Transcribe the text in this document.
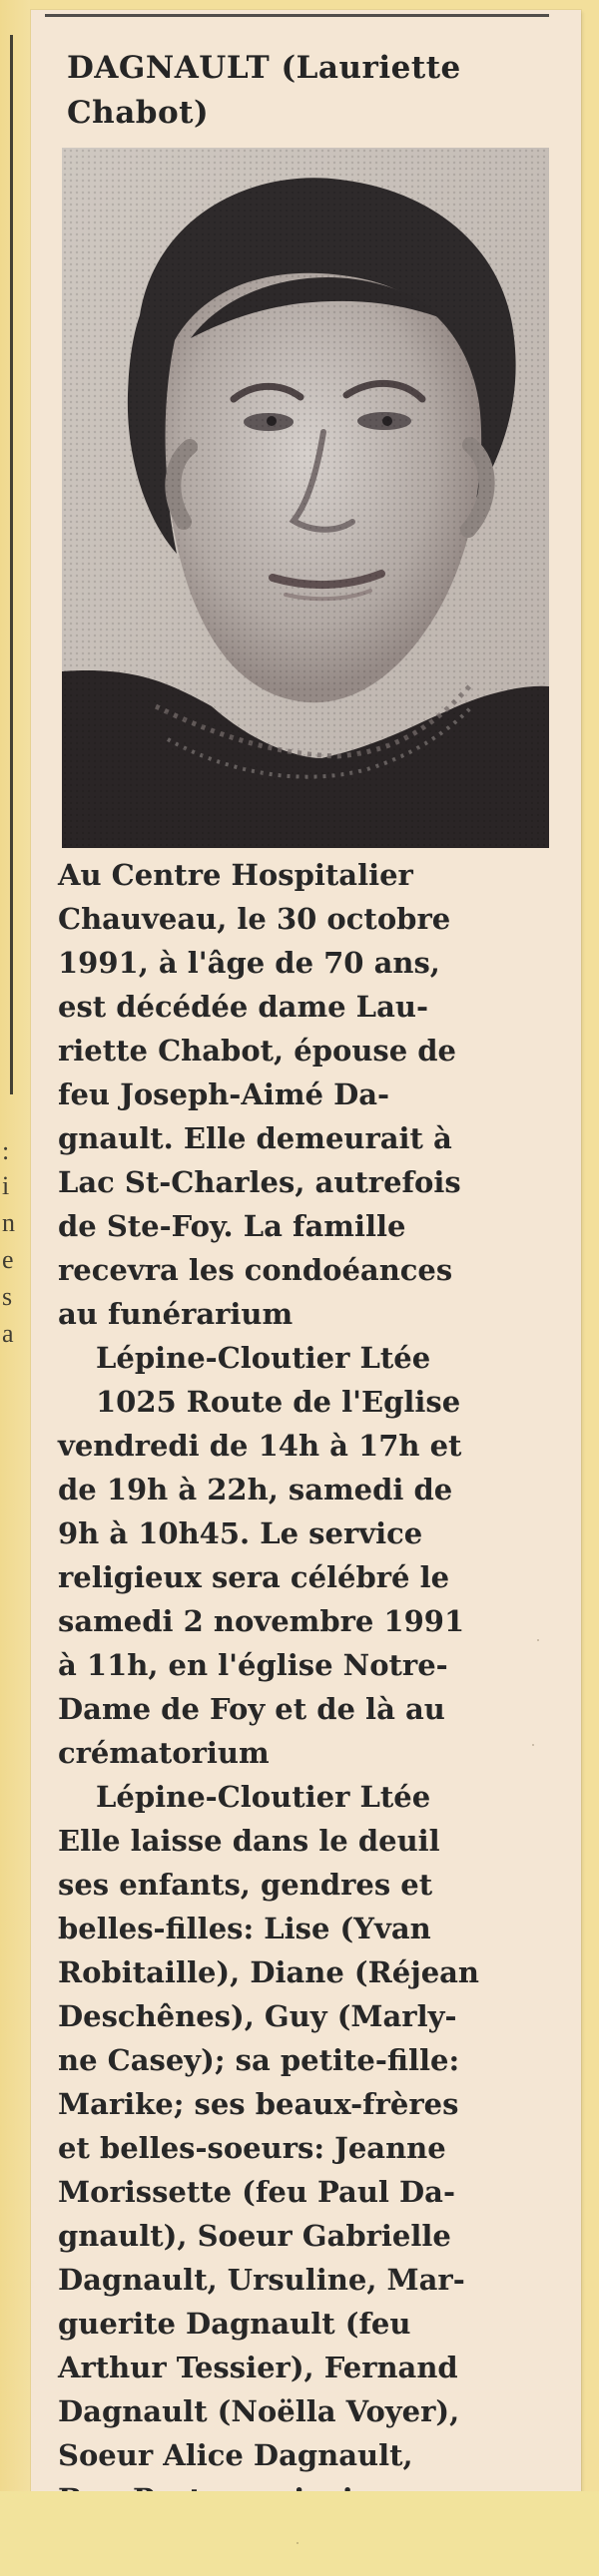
:
i
n
e
s
a
DAGNAULT (Lauriette
Chabot)
Au Centre Hospitalier
Chauveau, le 30 octobre
1991, à l'âge de 70 ans,
est décédée dame Lau-
riette Chabot, épouse de
feu Joseph-Aimé Da-
gnault. Elle demeurait à
Lac St-Charles, autrefois
de Ste-Foy. La famille
recevra les condoéances
au funérarium
Lépine-Cloutier Ltée
1025 Route de l'Eglise
vendredi de 14h à 17h et
de 19h à 22h, samedi de
9h à 10h45. Le service
religieux sera célébré le
samedi 2 novembre 1991
à 11h, en l'église Notre-
Dame de Foy et de là au
crématorium
Lépine-Cloutier Ltée
Elle laisse dans le deuil
ses enfants, gendres et
belles-filles: Lise (Yvan
Robitaille), Diane (Réjean
Deschênes), Guy (Marly-
ne Casey); sa petite-fille:
Marike; ses beaux-frères
et belles-soeurs: Jeanne
Morissette (feu Paul Da-
gnault), Soeur Gabrielle
Dagnault, Ursuline, Mar-
guerite Dagnault (feu
Arthur Tessier), Fernand
Dagnault (Noëlla Voyer),
Soeur Alice Dagnault,
